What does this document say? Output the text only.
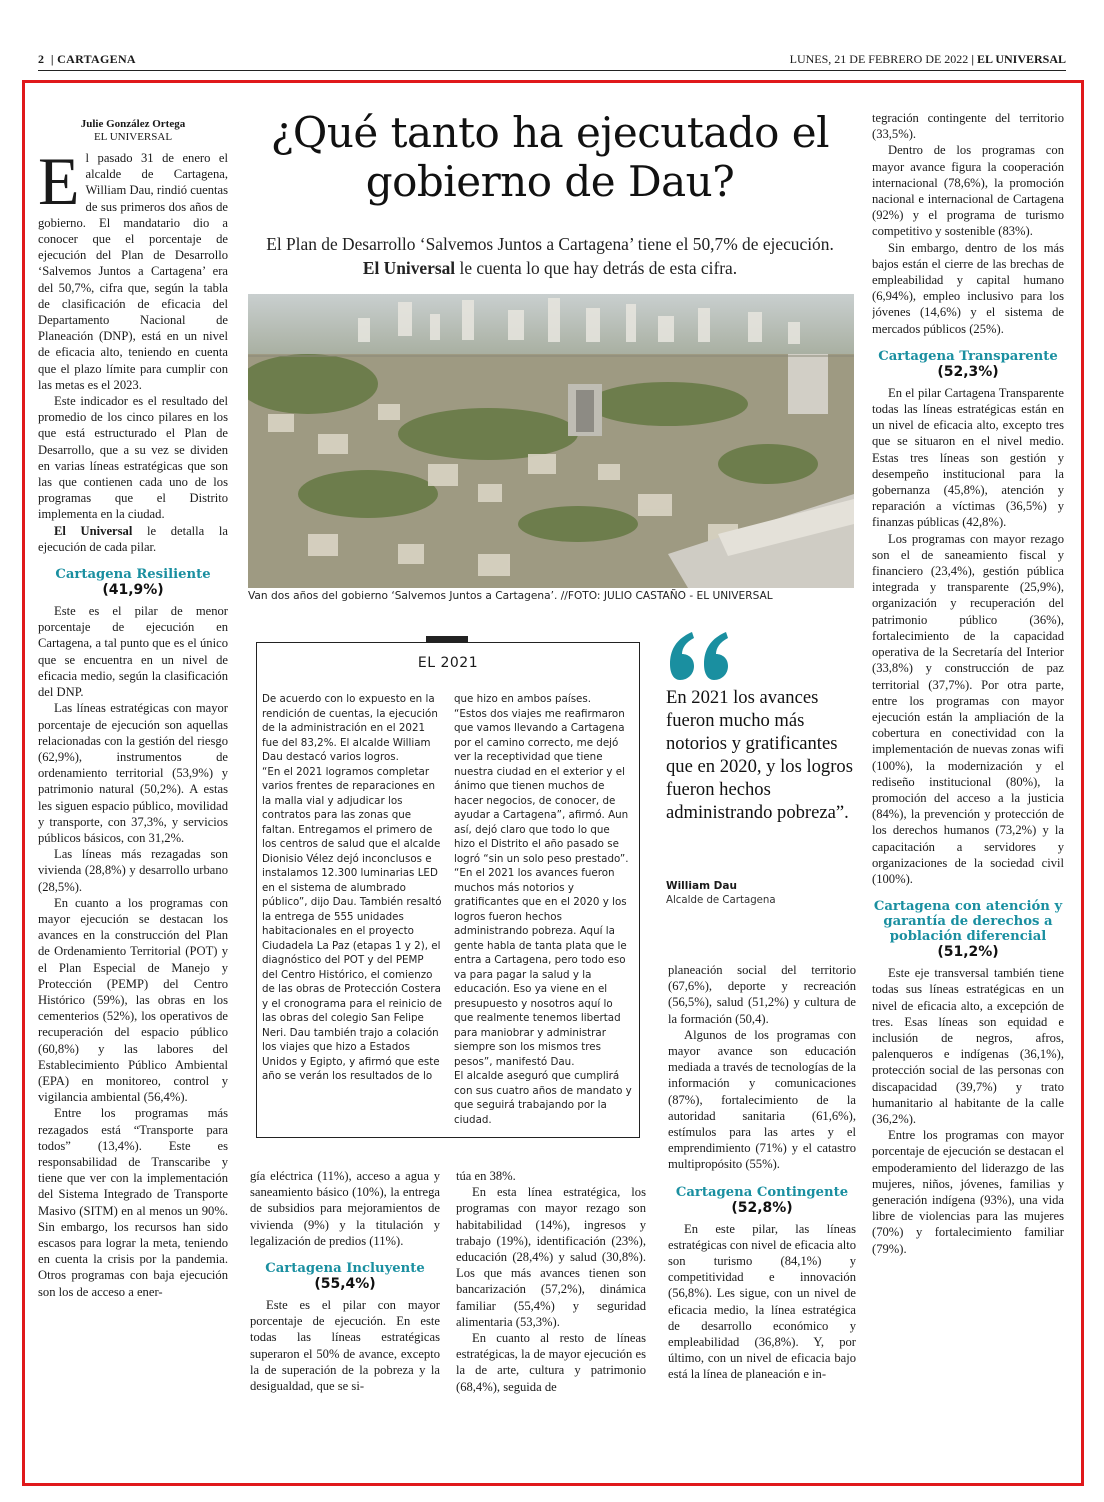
2  | CARTAGENA	LUNES, 21 DE FEBRERO DE 2022 | EL UNIVERSAL
Julie González Ortega
EL UNIVERSAL

El pasado 31 de enero el alcalde de Cartagena, William Dau, rindió cuentas de sus primeros dos años de gobierno. El mandatario dio a conocer que el porcentaje de ejecución del Plan de Desarrollo ‘Salvemos Juntos a Cartagena’ era del 50,7%, cifra que, según la tabla de clasificación de eficacia del Departamento Nacional de Planeación (DNP), está en un nivel de eficacia alto, teniendo en cuenta que el plazo límite para cumplir con las metas es el 2023.

Este indicador es el resultado del promedio de los cinco pilares en los que está estructurado el Plan de Desarrollo, que a su vez se dividen en varias líneas estratégicas que son las que contienen cada uno de los programas que el Distrito implementa en la ciudad.

El Universal le detalla la ejecución de cada pilar.

Cartagena Resiliente
(41,9%)

Este es el pilar de menor porcentaje de ejecución en Cartagena, a tal punto que es el único que se encuentra en un nivel de eficacia medio, según la clasificación del DNP.

Las líneas estratégicas con mayor porcentaje de ejecución son aquellas relacionadas con la gestión del riesgo (62,9%), instrumentos de ordenamiento territorial (53,9%) y patrimonio natural (50,2%). A estas les siguen espacio público, movilidad y transporte, con 37,3%, y servicios públicos básicos, con 31,2%.

Las líneas más rezagadas son vivienda (28,8%) y desarrollo urbano (28,5%).

En cuanto a los programas con mayor ejecución se destacan los avances en la construcción del Plan de Ordenamiento Territorial (POT) y el Plan Especial de Manejo y Protección (PEMP) del Centro Histórico (59%), las obras en los cementerios (52%), los operativos de recuperación del espacio público (60,8%) y las labores del Establecimiento Público Ambiental (EPA) en monitoreo, control y vigilancia ambiental (56,4%).

Entre los programas más rezagados está “Transporte para todos” (13,4%). Este es responsabilidad de Transcaribe y tiene que ver con la implementación del Sistema Integrado de Transporte Masivo (SITM) en al menos un 90%. Sin embargo, los recursos han sido escasos para lograr la meta, teniendo en cuenta la crisis por la pandemia. Otros programas con baja ejecución son los de acceso a ener-

¿Qué tanto ha ejecutado el gobierno de Dau?
El Plan de Desarrollo ‘Salvemos Juntos a Cartagena’ tiene el 50,7% de ejecución.
El Universal le cuenta lo que hay detrás de esta cifra.
Van dos años del gobierno ‘Salvemos Juntos a Cartagena’. //FOTO: JULIO CASTAÑO - EL UNIVERSAL

gía eléctrica (11%), acceso a agua y saneamiento básico (10%), la entrega de subsidios para mejoramientos de vivienda (9%) y la titulación y legalización de predios (11%).

Cartagena Incluyente
(55,4%)

Este es el pilar con mayor porcentaje de ejecución. En este todas las líneas estratégicas superaron el 50% de avance, excepto la de superación de la pobreza y la desigualdad, que se si-

túa en 38%.

En esta línea estratégica, los programas con mayor rezago son habitabilidad (14%), ingresos y trabajo (19%), identificación (23%), educación (28,4%) y salud (30,8%). Los que más avances tienen son bancarización (57,2%), dinámica familiar (55,4%) y seguridad alimentaria (53,3%).

En cuanto al resto de líneas estratégicas, la de mayor ejecución es la de arte, cultura y patrimonio (68,4%), seguida de

EL 2021

De acuerdo con lo expuesto en la rendición de cuentas, la ejecución de la administración en el 2021 fue del 83,2%. El alcalde William Dau destacó varios logros.
“En el 2021 logramos completar varios frentes de reparaciones en la malla vial y adjudicar los contratos para las zonas que faltan. Entregamos el primero de los centros de salud que el alcalde Dionisio Vélez dejó inconclusos e instalamos 12.300 luminarias LED en el sistema de alumbrado público”, dijo Dau. También resaltó la entrega de 555 unidades habitacionales en el proyecto Ciudadela La Paz (etapas 1 y 2), el diagnóstico del POT y del PEMP del Centro Histórico, el comienzo de las obras de Protección Costera y el cronograma para el reinicio de las obras del colegio San Felipe Neri. Dau también trajo a colación los viajes que hizo a Estados Unidos y Egipto, y afirmó que este año se verán los resultados de lo

que hizo en ambos países.
“Estos dos viajes me reafirmaron que vamos llevando a Cartagena por el camino correcto, me dejó ver la receptividad que tiene nuestra ciudad en el exterior y el ánimo que tienen muchos de hacer negocios, de conocer, de ayudar a Cartagena”, afirmó. Aun así, dejó claro que todo lo que hizo el Distrito el año pasado se logró “sin un solo peso prestado”.
“En el 2021 los avances fueron muchos más notorios y gratificantes que en el 2020 y los logros fueron hechos administrando pobreza. Aquí la gente habla de tanta plata que le entra a Cartagena, pero todo eso va para pagar la salud y la educación. Eso ya viene en el presupuesto y nosotros aquí lo que realmente tenemos libertad para maniobrar y administrar siempre son los mismos tres pesos”, manifestó Dau.
El alcalde aseguró que cumplirá con sus cuatro años de mandato y que seguirá trabajando por la ciudad.

En 2021 los avances fueron mucho más notorios y gratificantes que en 2020, y los logros fueron hechos administrando pobreza”.
William Dau
Alcalde de Cartagena

planeación social del territorio (67,6%), deporte y recreación (56,5%), salud (51,2%) y cultura de la formación (50,4).

Algunos de los programas con mayor avance son educación mediada a través de tecnologías de la información y comunicaciones (87%), fortalecimiento de la autoridad sanitaria (61,6%), estímulos para las artes y el emprendimiento (71%) y el catastro multipropósito (55%).

Cartagena Contingente
(52,8%)

En este pilar, las líneas estratégicas con nivel de eficacia alto son turismo (84,1%) y competitividad e innovación (56,8%). Les sigue, con un nivel de eficacia medio, la línea estratégica de desarrollo económico y empleabilidad (36,8%). Y, por último, con un nivel de eficacia bajo está la línea de planeación e in-

tegración contingente del territorio (33,5%).

Dentro de los programas con mayor avance figura la cooperación internacional (78,6%), la promoción nacional e internacional de Cartagena (92%) y el programa de turismo competitivo y sostenible (83%).

Sin embargo, dentro de los más bajos están el cierre de las brechas de empleabilidad y capital humano (6,94%), empleo inclusivo para los jóvenes (14,6%) y el sistema de mercados públicos (25%).

Cartagena Transparente
(52,3%)

En el pilar Cartagena Transparente todas las líneas estratégicas están en un nivel de eficacia alto, excepto tres que se situaron en el nivel medio. Estas tres líneas son gestión y desempeño institucional para la gobernanza (45,8%), atención y reparación a víctimas (36,5%) y finanzas públicas (42,8%).

Los programas con mayor rezago son el de saneamiento fiscal y financiero (23,4%), gestión pública integrada y transparente (25,9%), organización y recuperación del patrimonio público (36%), fortalecimiento de la capacidad operativa de la Secretaría del Interior (33,8%) y construcción de paz territorial (37,7%). Por otra parte, entre los programas con mayor ejecución están la ampliación de la cobertura en conectividad con la implementación de nuevas zonas wifi (100%), la modernización y el rediseño institucional (80%), la promoción del acceso a la justicia (84%), la prevención y protección de los derechos humanos (73,2%) y la capacitación a servidores y organizaciones de la sociedad civil (100%).

Cartagena con atención y garantía de derechos a población diferencial
(51,2%)

Este eje transversal también tiene todas sus líneas estratégicas en un nivel de eficacia alto, a excepción de tres. Esas líneas son equidad e inclusión de negros, afros, palenqueros e indígenas (36,1%), protección social de las personas con discapacidad (39,7%) y trato humanitario al habitante de la calle (36,2%).

Entre los programas con mayor porcentaje de ejecución se destacan el empoderamiento del liderazgo de las mujeres, niños, jóvenes, familias y generación indígena (93%), una vida libre de violencias para las mujeres (70%) y fortalecimiento familiar (79%).
